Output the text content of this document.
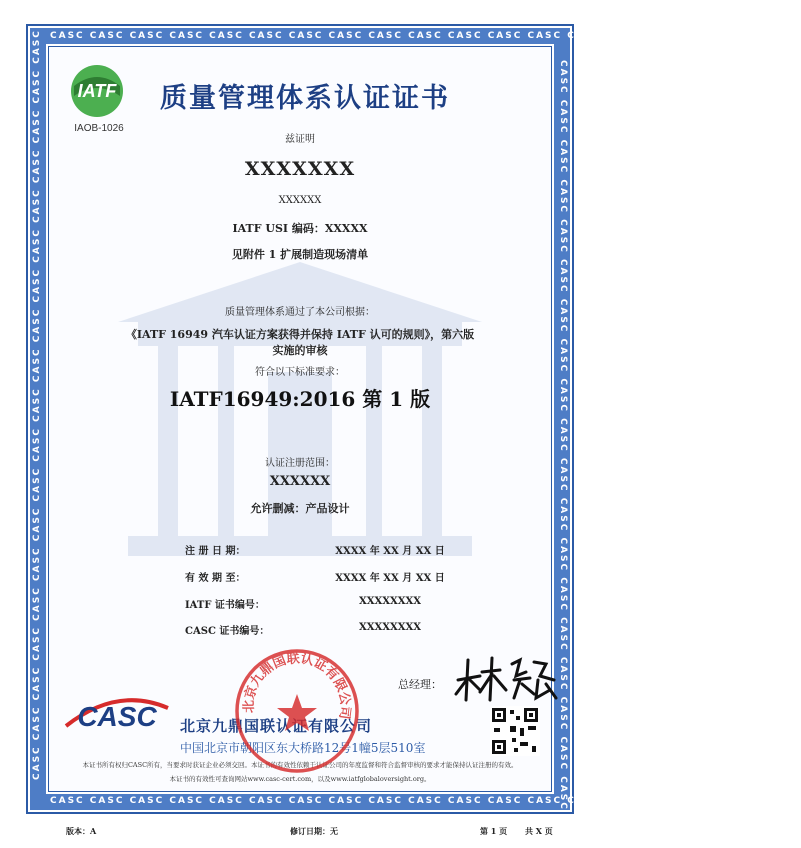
CASC CASC CASC CASC CASC CASC CASC CASC CASC CASC CASC CASC CASC CASC CASC CASC CASC CASC CASC
CASC CASC CASC CASC CASC CASC CASC CASC CASC CASC CASC CASC CASC CASC CASC CASC CASC CASC CASC
CASC CASC CASC CASC CASC CASC CASC CASC CASC CASC CASC CASC CASC CASC CASC CASC CASC CASC CASC	CASC CASC CASC CASC CASC CASC CASC CASC CASC CASC CASC CASC CASC CASC CASC CASC CASC CASC CASC
IATF
IAOB-1026
质量管理体系认证证书
兹证明
XXXXXXX
XXXXXX
IATF USI 编码：XXXXX
见附件 1 扩展制造现场清单
质量管理体系通过了本公司根据：
《IATF 16949 汽车认证方案获得并保持 IATF 认可的规则》，第六版
实施的审核
符合以下标准要求：
IATF16949:2016 第 1 版
认证注册范围：
XXXXXX
允许删减：产品设计
注 册 日 期：	XXXX 年 XX 月 XX 日
有 效 期 至：	XXXX 年 XX 月 XX 日
IATF 证书编号：	XXXXXXXX
CASC 证书编号：	XXXXXXXX
总经理：
CASC 北京九鼎国联认证有限公司
中国北京市朝阳区东大桥路12号1幢5层510室
本证书所有权归CASC所有，当要求时获证企业必须交回。本证书的有效性依赖于认证公司的年度监督和符合监督审核的要求才能保持认证注册的有效。
本证书的有效性可查询网站www.casc-cert.com，以及www.iatfglobaloversight.org。
北京九鼎国联认证有限公司
版本：A	修订日期：无	第 1 页 共 X 页
